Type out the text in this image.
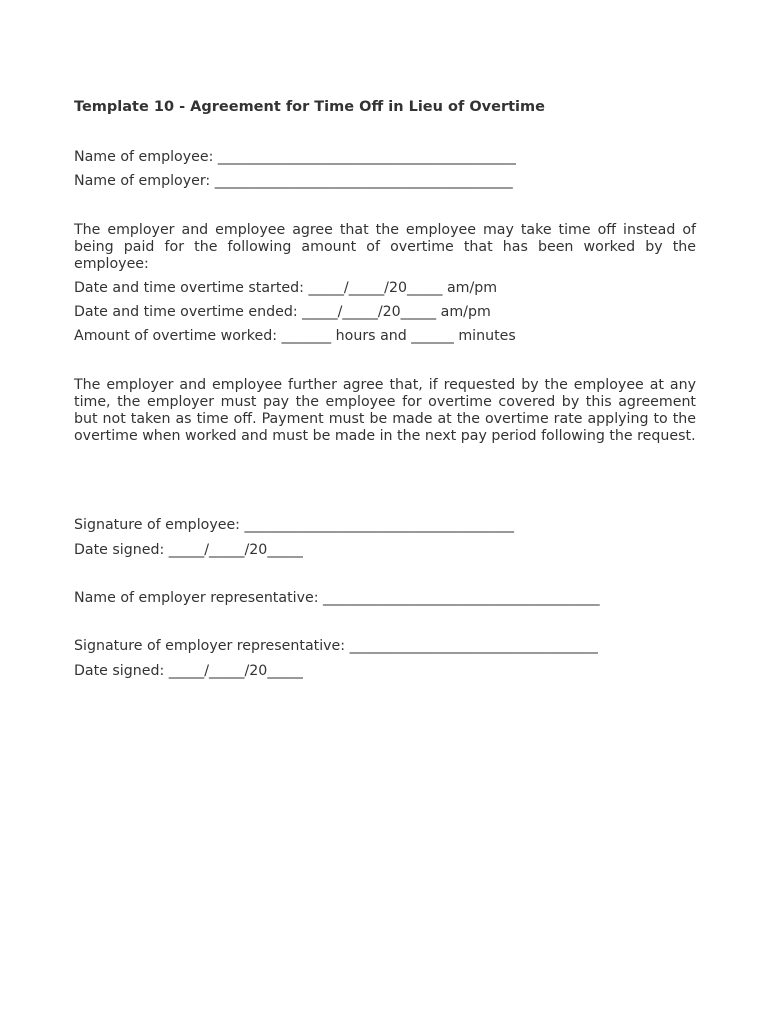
Template 10 - Agreement for Time Off in Lieu of Overtime
Name of employee: __________________________________________
Name of employer: __________________________________________
The employer and employee agree that the employee may take time off instead of being paid for the following amount of overtime that has been worked by the employee:
Date and time overtime started: _____/_____/20_____ am/pm
Date and time overtime ended: _____/_____/20_____ am/pm
Amount of overtime worked: _______ hours and ______ minutes
The employer and employee further agree that, if requested by the employee at any time, the employer must pay the employee for overtime covered by this agreement but not taken as time off. Payment must be made at the overtime rate applying to the overtime when worked and must be made in the next pay period following the request.
Signature of employee: ______________________________________
Date signed: _____/_____/20_____
Name of employer representative: _______________________________________
Signature of employer representative: ___________________________________
Date signed: _____/_____/20_____
